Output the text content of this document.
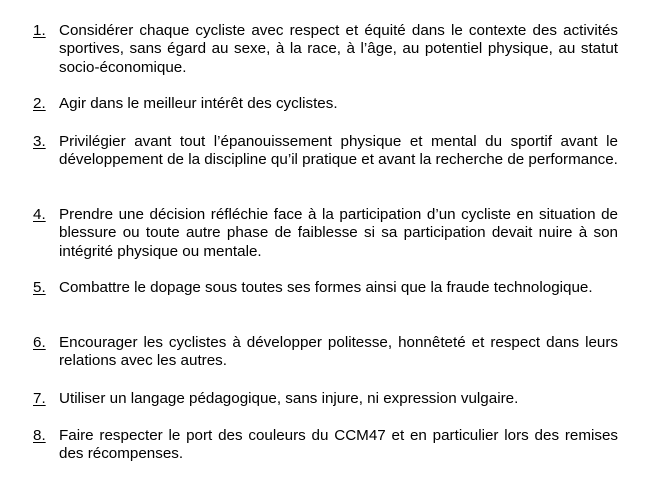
1. Considérer chaque cycliste avec respect et équité dans le contexte des activités sportives, sans égard au sexe, à la race, à l’âge, au potentiel physique, au statut socio-économique.
2. Agir dans le meilleur intérêt des cyclistes.
3. Privilégier avant tout l’épanouissement physique et mental du sportif avant le développement de la discipline qu’il pratique et avant la recherche de performance.
4. Prendre une décision réfléchie face à la participation d’un cycliste en situation de blessure ou toute autre phase de faiblesse si sa participation devait nuire à son intégrité physique ou mentale.
5. Combattre le dopage sous toutes ses formes ainsi que la fraude technologique.
6. Encourager les cyclistes à développer politesse, honnêteté et respect dans leurs relations avec les autres.
7. Utiliser un langage pédagogique, sans injure, ni expression vulgaire.
8. Faire respecter le port des couleurs du CCM47 et en particulier lors des remises des récompenses.
